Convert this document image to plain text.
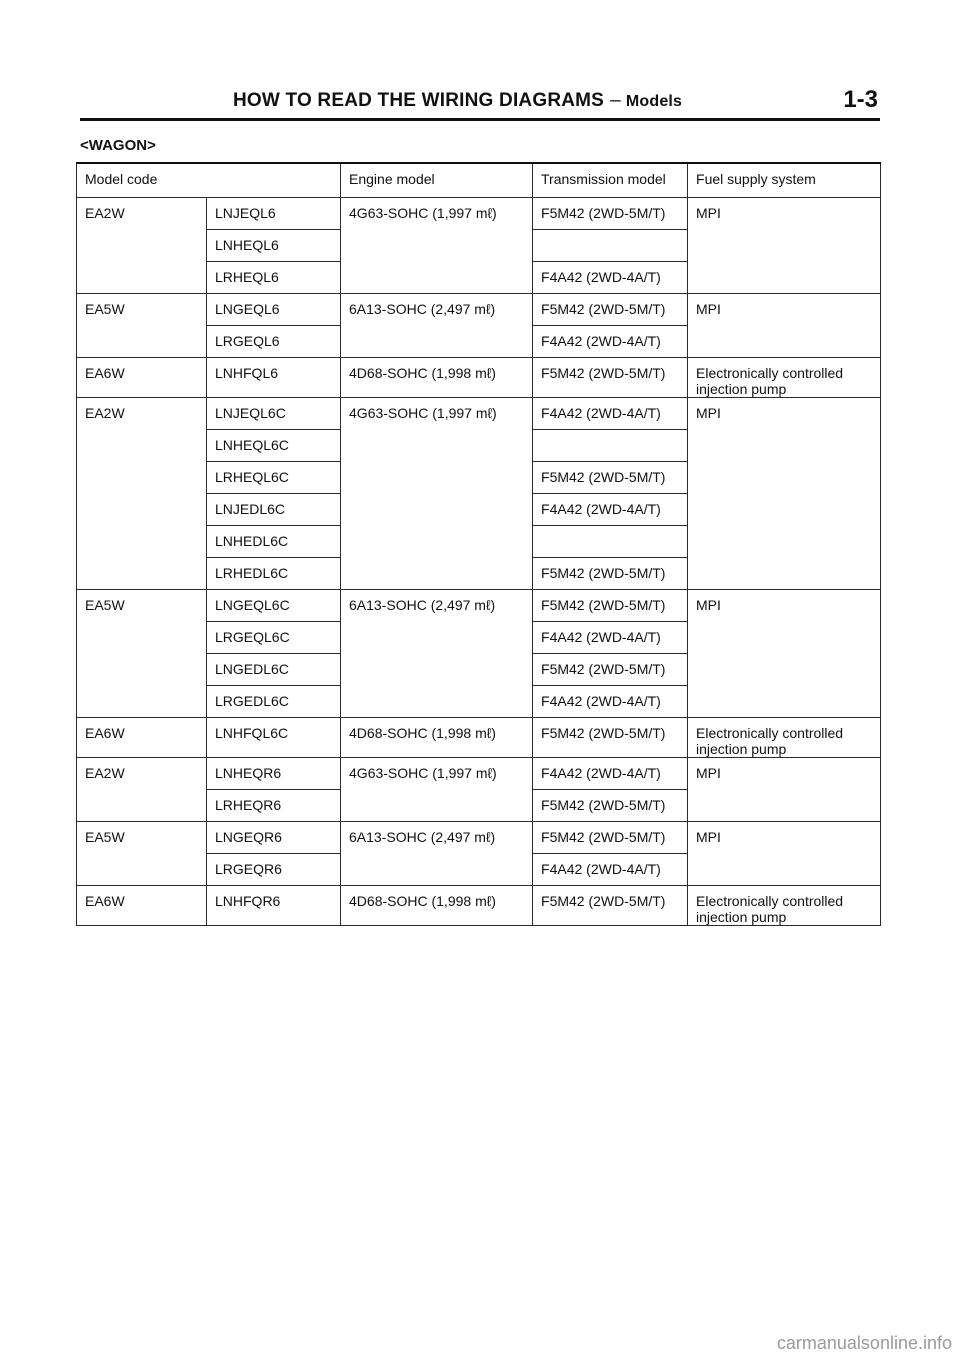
HOW TO READ THE WIRING DIAGRAMS – Models	1-3
<WAGON>
Model code		Engine model	Transmission model	Fuel supply system
EA2W	LNJEQL6	4G63-SOHC (1,997 mℓ)	F5M42 (2WD-5M/T)	MPI
	LNHEQL6			
	LRHEQL6		F4A42 (2WD-4A/T)	
EA5W	LNGEQL6	6A13-SOHC (2,497 mℓ)	F5M42 (2WD-5M/T)	MPI
	LRGEQL6		F4A42 (2WD-4A/T)	
EA6W	LNHFQL6	4D68-SOHC (1,998 mℓ)	F5M42 (2WD-5M/T)	Electronically controlled injection pump
EA2W	LNJEQL6C	4G63-SOHC (1,997 mℓ)	F4A42 (2WD-4A/T)	MPI
	LNHEQL6C			
	LRHEQL6C		F5M42 (2WD-5M/T)	
	LNJEDL6C		F4A42 (2WD-4A/T)	
	LNHEDL6C			
	LRHEDL6C		F5M42 (2WD-5M/T)	
EA5W	LNGEQL6C	6A13-SOHC (2,497 mℓ)	F5M42 (2WD-5M/T)	MPI
	LRGEQL6C		F4A42 (2WD-4A/T)	
	LNGEDL6C		F5M42 (2WD-5M/T)	
	LRGEDL6C		F4A42 (2WD-4A/T)	
EA6W	LNHFQL6C	4D68-SOHC (1,998 mℓ)	F5M42 (2WD-5M/T)	Electronically controlled injection pump
EA2W	LNHEQR6	4G63-SOHC (1,997 mℓ)	F4A42 (2WD-4A/T)	MPI
	LRHEQR6		F5M42 (2WD-5M/T)	
EA5W	LNGEQR6	6A13-SOHC (2,497 mℓ)	F5M42 (2WD-5M/T)	MPI
	LRGEQR6		F4A42 (2WD-4A/T)	
EA6W	LNHFQR6	4D68-SOHC (1,998 mℓ)	F5M42 (2WD-5M/T)	Electronically controlled injection pump
carmanualsonline.info
